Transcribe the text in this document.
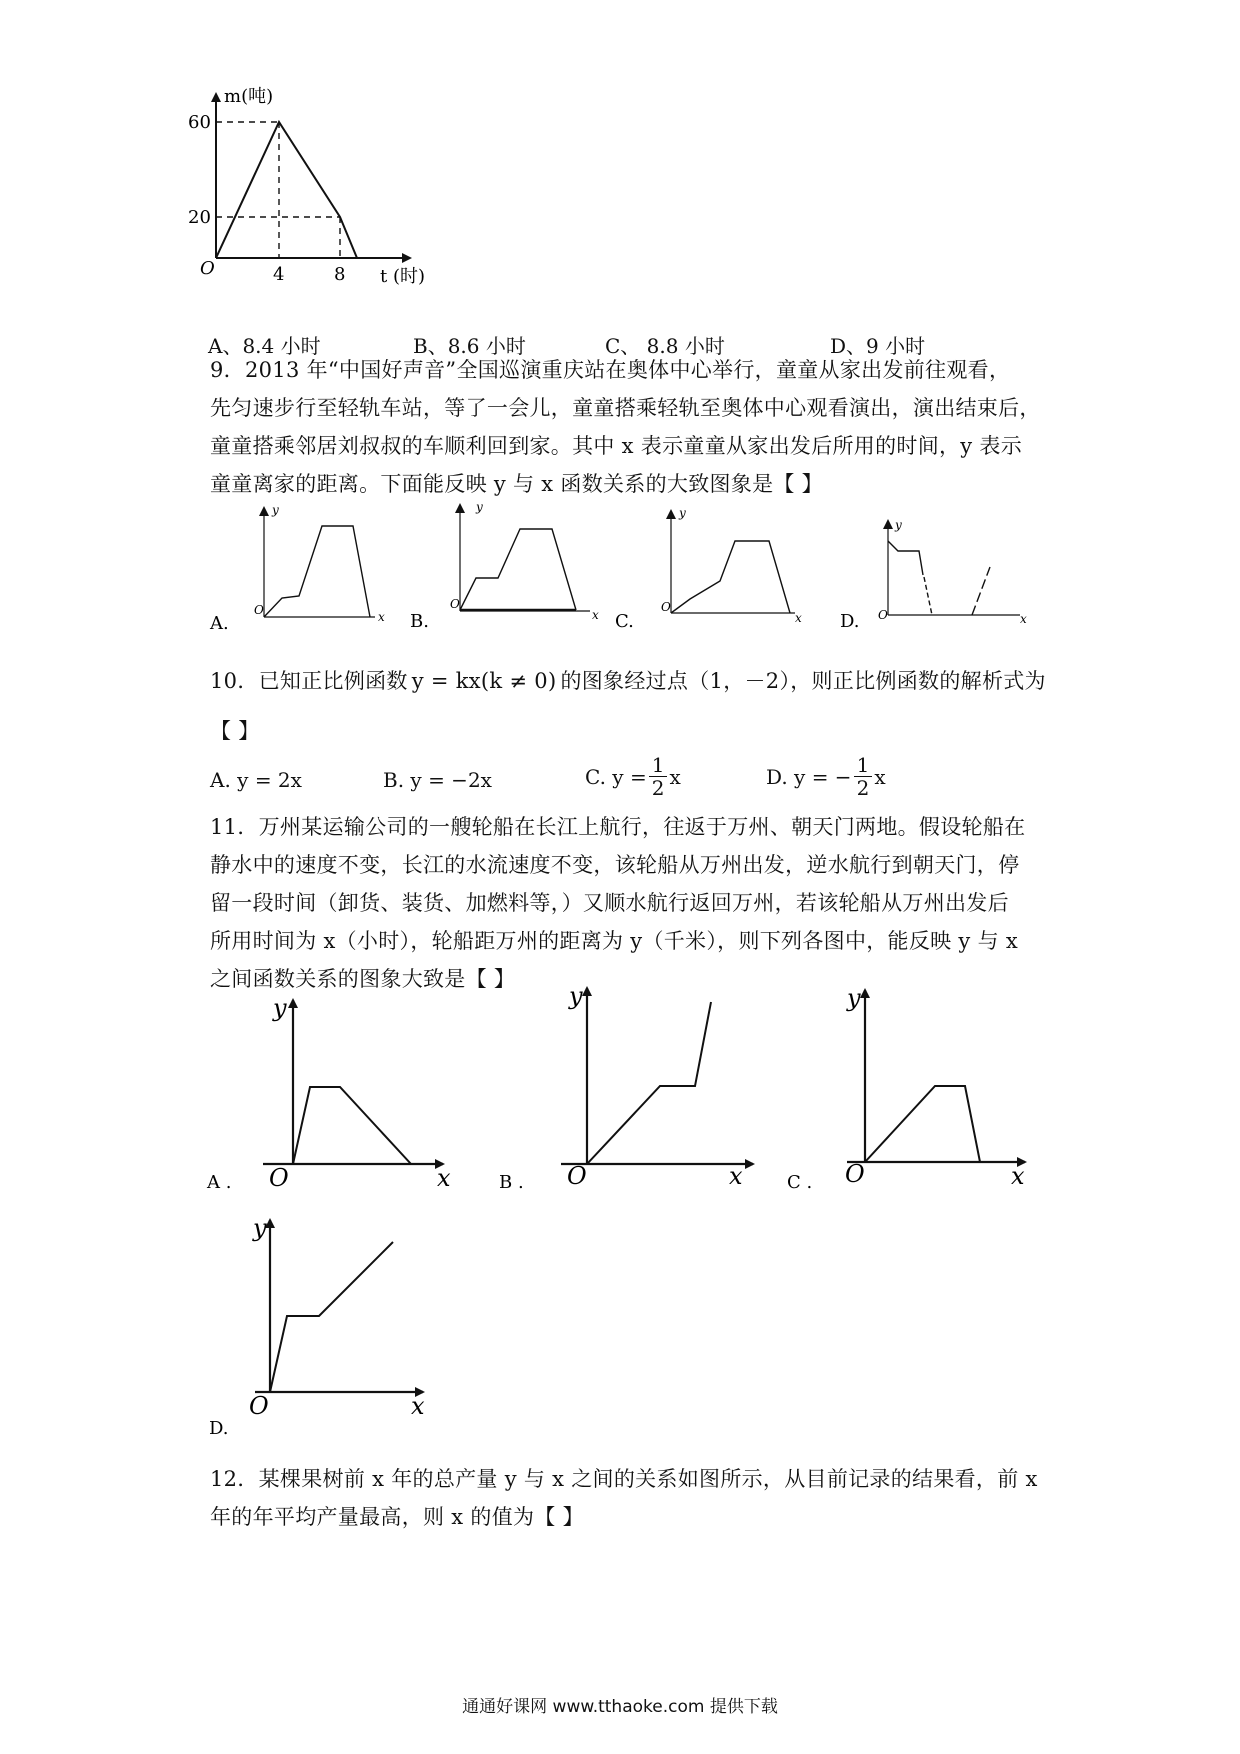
m(吨)
60
20
O	4	8 t (时)
A、8.4 小时	B、8.6 小时	C、 8.8 小时	D、9 小时
9．2013 年“中国好声音”全国巡演重庆站在奥体中心举行，童童从家出发前往观看，
先匀速步行至轻轨车站，等了一会儿，童童搭乘轻轨至奥体中心观看演出，演出结束后，
童童搭乘邻居刘叔叔的车顺利回到家。其中 x 表示童童从家出发后所用的时间，y 表示
童童离家的距离。下面能反映 y 与 x 函数关系的大致图象是【 】
y
O	x
A.
y
O
x
B.
y
O
x
C.
y
O	x
D.
10．已知正比例函数 y = kx(k ≠ 0) 的图象经过点（1，－2），则正比例函数的解析式为
【 】
A. y = 2x	B. y = −2x	C. $y = \frac{1}{2}$ x	D. y = − $\frac{1}{2}$ x
11．万州某运输公司的一艘轮船在长江上航行，往返于万州、朝天门两地。假设轮船在
静水中的速度不变，长江的水流速度不变，该轮船从万州出发，逆水航行到朝天门，停
留一段时间（卸货、装货、加燃料等，）又顺水航行返回万州，若该轮船从万州出发后
所用时间为 x（小时），轮船距万州的距离为 y（千米），则下列各图中，能反映 y 与 x
之间函数关系的图象大致是【 】
y
O	x
A .
y
O	x
B .
y
O	x
C .
y
O	x
D.
12．某棵果树前 x 年的总产量 y 与 x 之间的关系如图所示，从目前记录的结果看，前 x
年的年平均产量最高，则 x 的值为【 】
通通好课网 www.tthaoke.com 提供下载
